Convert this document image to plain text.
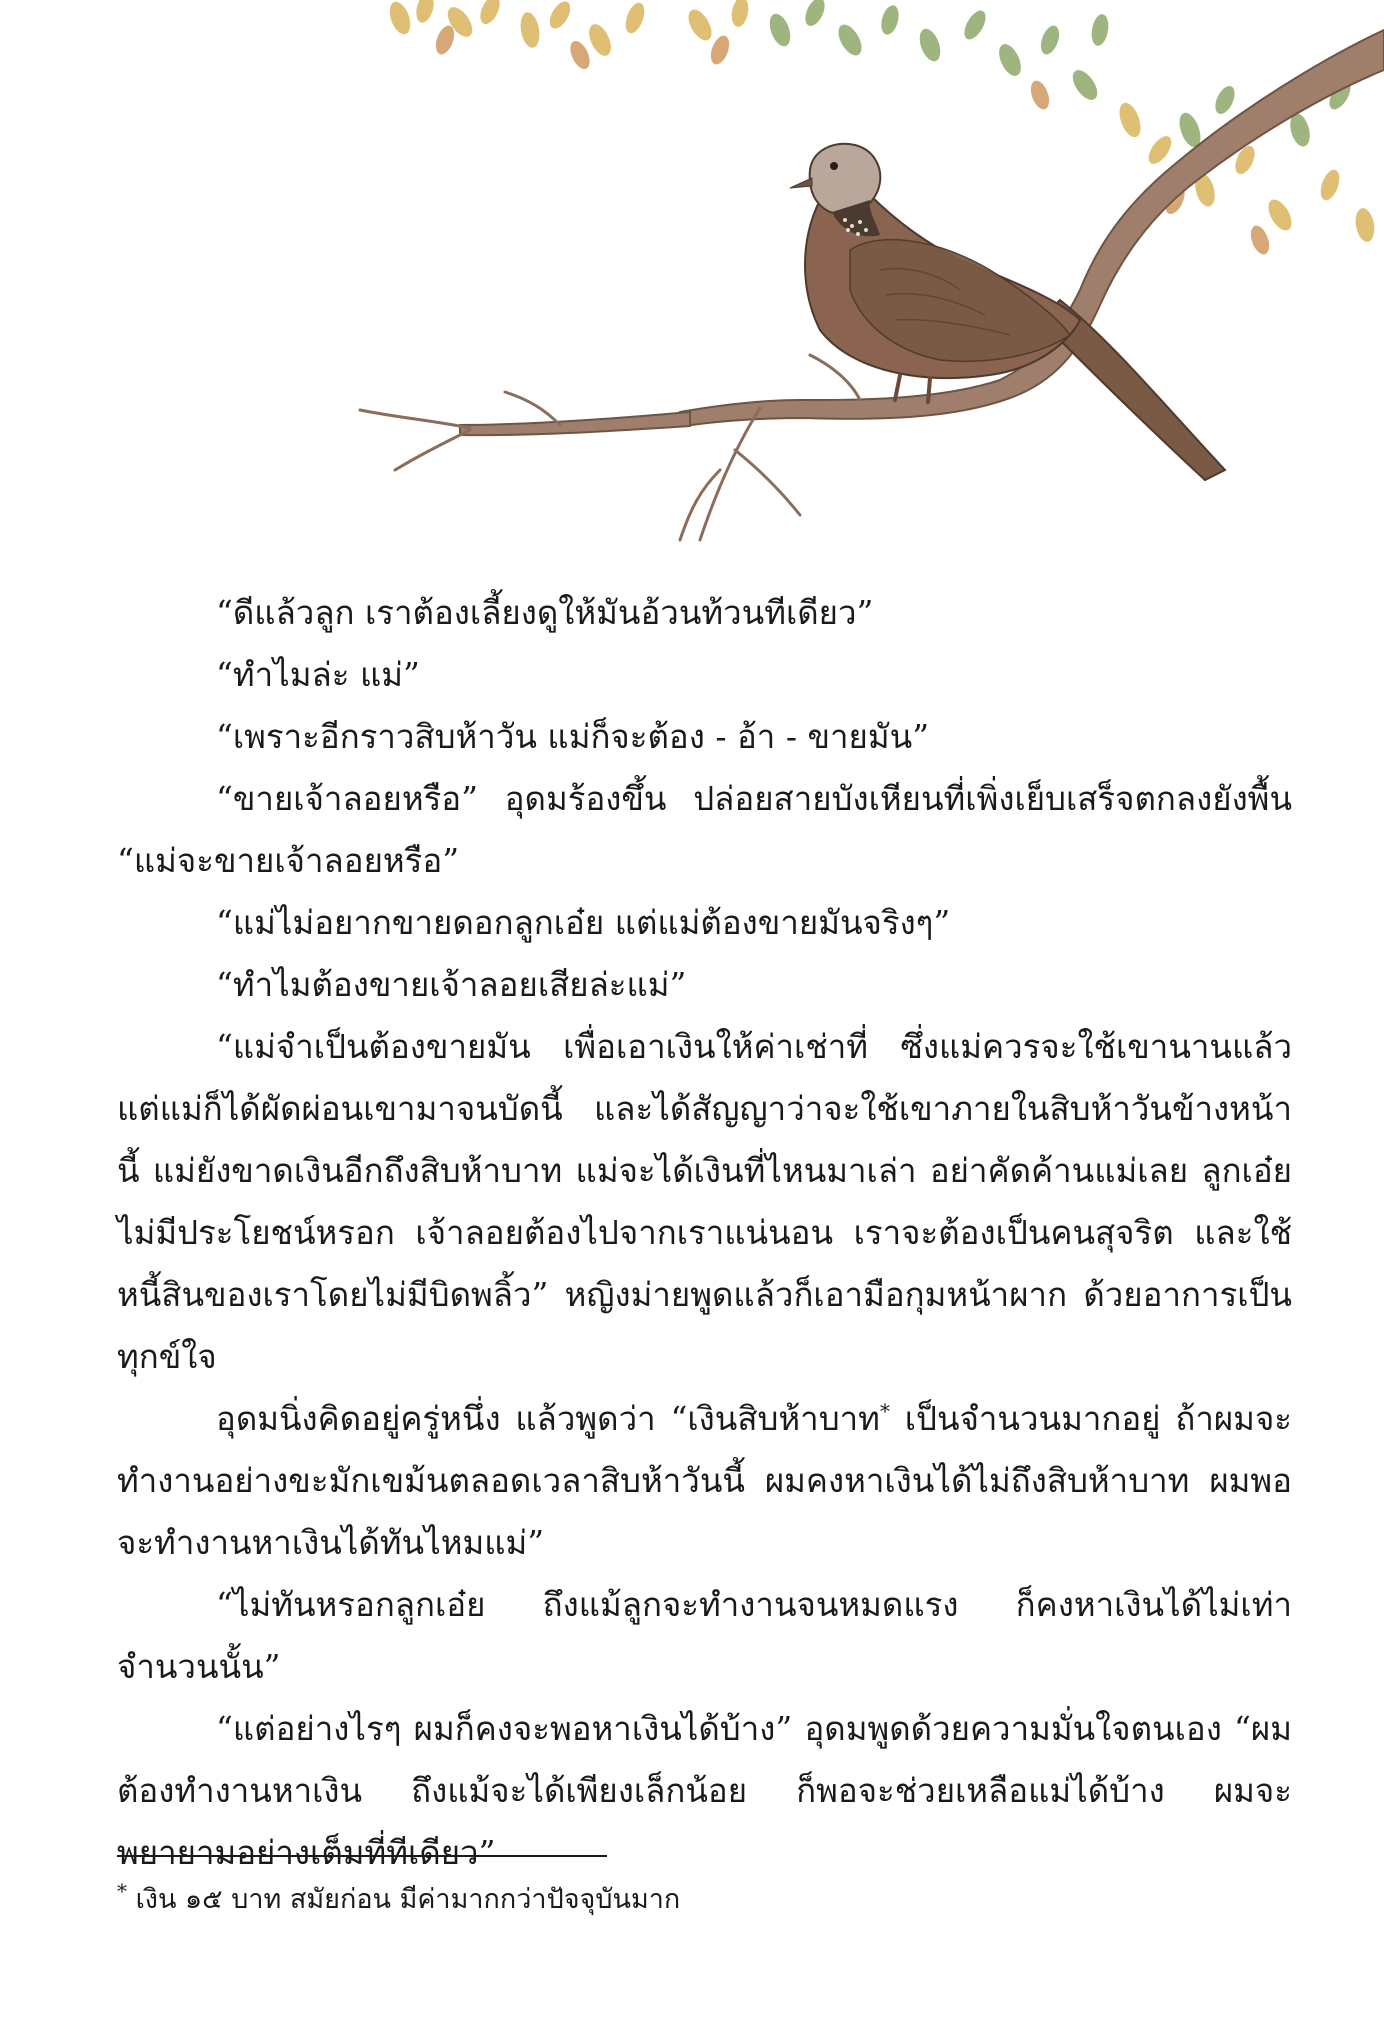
“ดีแล้วลูก เราต้องเลี้ยงดูให้มันอ้วนท้วนทีเดียว”

“ทำไมล่ะ แม่”

“เพราะอีกราวสิบห้าวัน แม่ก็จะต้อง - อ้า - ขายมัน”

“ขายเจ้าลอยหรือ” อุดมร้องขึ้น ปล่อยสายบังเหียนที่เพิ่งเย็บเสร็จตกลงยังพื้น “แม่จะขายเจ้าลอยหรือ”

“แม่ไม่อยากขายดอกลูกเอ๋ย แต่แม่ต้องขายมันจริงๆ”

“ทำไมต้องขายเจ้าลอยเสียล่ะแม่”

“แม่จำเป็นต้องขายมัน เพื่อเอาเงินให้ค่าเช่าที่ ซึ่งแม่ควรจะใช้เขานานแล้ว แต่แม่ก็ได้ผัดผ่อนเขามาจนบัดนี้ และได้สัญญาว่าจะใช้เขาภายในสิบห้าวันข้างหน้านี้ แม่ยังขาดเงินอีกถึงสิบห้าบาท แม่จะได้เงินที่ไหนมาเล่า อย่าคัดค้านแม่เลย ลูกเอ๋ย ไม่มีประโยชน์หรอก เจ้าลอยต้องไปจากเราแน่นอน เราจะต้องเป็นคนสุจริต และใช้หนี้สินของเราโดยไม่มีบิดพลิ้ว” หญิงม่ายพูดแล้วก็เอามือกุมหน้าผาก ด้วยอาการเป็นทุกข์ใจ

อุดมนิ่งคิดอยู่ครู่หนึ่ง แล้วพูดว่า “เงินสิบห้าบาท* เป็นจำนวนมากอยู่ ถ้าผมจะทำงานอย่างขะมักเขม้นตลอดเวลาสิบห้าวันนี้ ผมคงหาเงินได้ไม่ถึงสิบห้าบาท ผมพอจะทำงานหาเงินได้ทันไหมแม่”

“ไม่ทันหรอกลูกเอ๋ย ถึงแม้ลูกจะทำงานจนหมดแรง ก็คงหาเงินได้ไม่เท่าจำนวนนั้น”

“แต่อย่างไรๆ ผมก็คงจะพอหาเงินได้บ้าง” อุดมพูดด้วยความมั่นใจตนเอง “ผมต้องทำงานหาเงิน ถึงแม้จะได้เพียงเล็กน้อย ก็พอจะช่วยเหลือแม่ได้บ้าง ผมจะพยายามอย่างเต็มที่ทีเดียว”

* เงิน ๑๕ บาท สมัยก่อน มีค่ามากกว่าปัจจุบันมาก
